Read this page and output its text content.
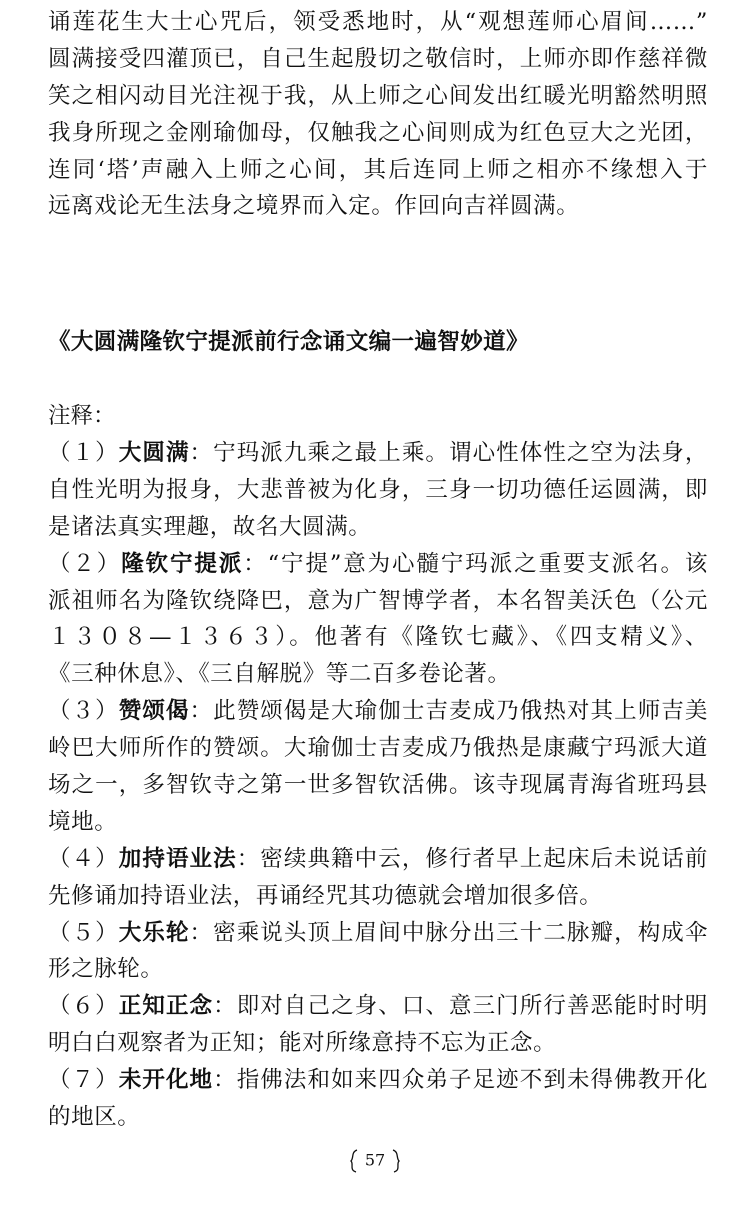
诵莲花生大士心咒后，领受悉地时，从“观想莲师心眉间……”
圆满接受四灌顶已，自己生起殷切之敬信时，上师亦即作慈祥微
笑之相闪动目光注视于我，从上师之心间发出红暖光明豁然明照
我身所现之金刚瑜伽母，仅触我之心间则成为红色豆大之光团，
连同‘塔’声融入上师之心间，其后连同上师之相亦不缘想入于
远离戏论无生法身之境界而入定。作回向吉祥圆满。
《大圆满隆钦宁提派前行念诵文编一遍智妙道》
注释：
（１）大圆满：宁玛派九乘之最上乘。谓心性体性之空为法身，
自性光明为报身，大悲普被为化身，三身一切功德任运圆满，即
是诸法真实理趣，故名大圆满。
（２）隆钦宁提派：“宁提”意为心髓宁玛派之重要支派名。该
派祖师名为隆钦绕降巴，意为广智博学者，本名智美沃色（公元
１３０８—１３６３）。他著有《隆钦七藏》、《四支精义》、
《三种休息》、《三自解脱》等二百多卷论著。
（３）赞颂偈：此赞颂偈是大瑜伽士吉麦成乃俄热对其上师吉美
岭巴大师所作的赞颂。大瑜伽士吉麦成乃俄热是康藏宁玛派大道
场之一，多智钦寺之第一世多智钦活佛。该寺现属青海省班玛县
境地。
（４）加持语业法：密续典籍中云，修行者早上起床后未说话前
先修诵加持语业法，再诵经咒其功德就会增加很多倍。
（５）大乐轮：密乘说头顶上眉间中脉分出三十二脉瓣，构成伞
形之脉轮。
（６）正知正念：即对自己之身、口、意三门所行善恶能时时明
明白白观察者为正知；能对所缘意持不忘为正念。
（７）未开化地：指佛法和如来四众弟子足迹不到未得佛教开化
的地区。
57
